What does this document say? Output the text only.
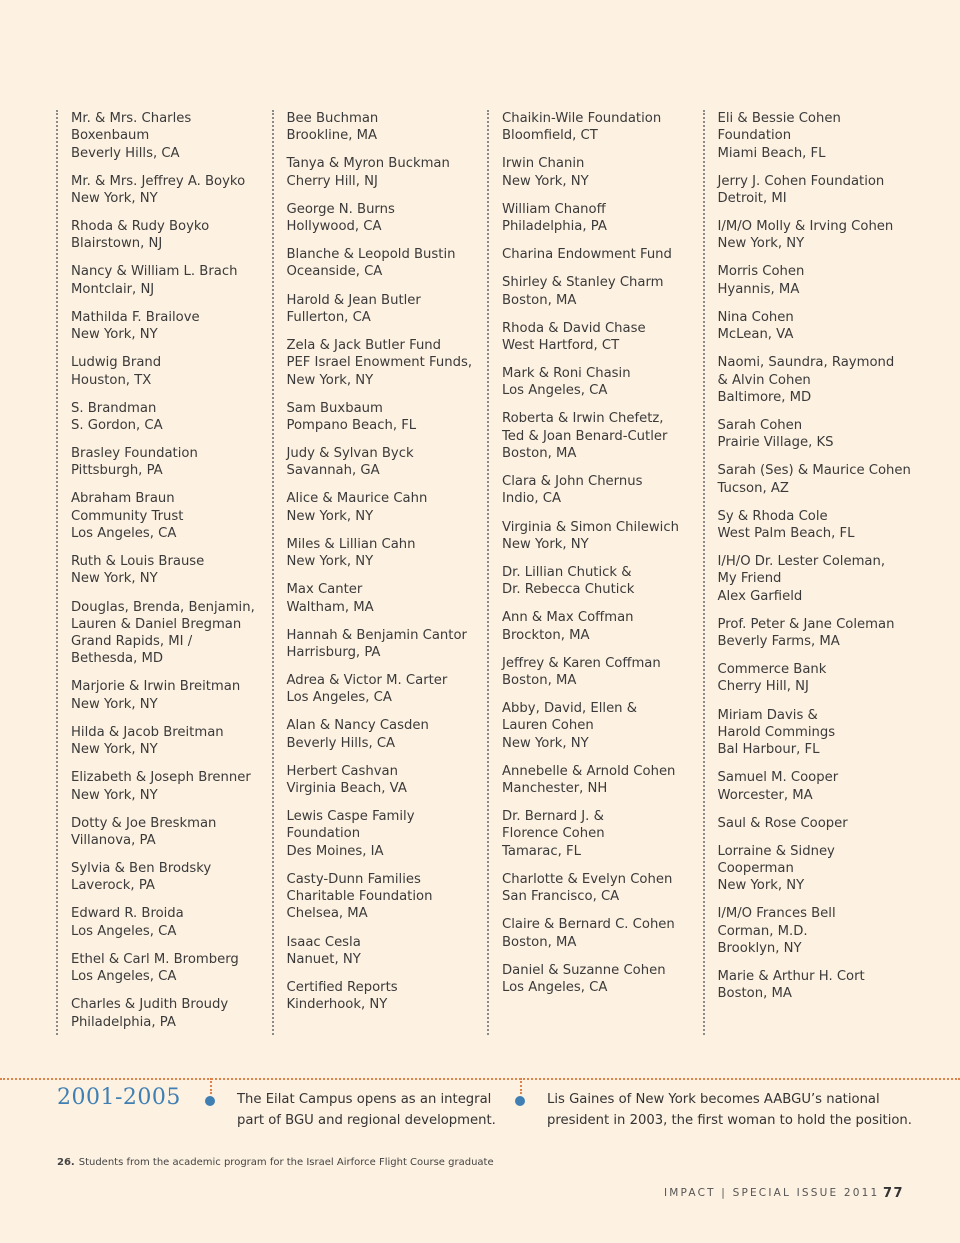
Mr. & Mrs. Charles
Boxenbaum
Beverly Hills, CA
Mr. & Mrs. Jeffrey A. Boyko
New York, NY
Rhoda & Rudy Boyko
Blairstown, NJ
Nancy & William L. Brach
Montclair, NJ
Mathilda F. Brailove
New York, NY
Ludwig Brand
Houston, TX
S. Brandman
S. Gordon, CA
Brasley Foundation
Pittsburgh, PA
Abraham Braun
Community Trust
Los Angeles, CA
Ruth & Louis Brause
New York, NY
Douglas, Brenda, Benjamin,
Lauren & Daniel Bregman
Grand Rapids, MI /
Bethesda, MD
Marjorie & Irwin Breitman
New York, NY
Hilda & Jacob Breitman
New York, NY
Elizabeth & Joseph Brenner
New York, NY
Dotty & Joe Breskman
Villanova, PA
Sylvia & Ben Brodsky
Laverock, PA
Edward R. Broida
Los Angeles, CA
Ethel & Carl M. Bromberg
Los Angeles, CA
Charles & Judith Broudy
Philadelphia, PA
Bee Buchman
Brookline, MA
Tanya & Myron Buckman
Cherry Hill, NJ
George N. Burns
Hollywood, CA
Blanche & Leopold Bustin
Oceanside, CA
Harold & Jean Butler
Fullerton, CA
Zela & Jack Butler Fund
PEF Israel Enowment Funds,
New York, NY
Sam Buxbaum
Pompano Beach, FL
Judy & Sylvan Byck
Savannah, GA
Alice & Maurice Cahn
New York, NY
Miles & Lillian Cahn
New York, NY
Max Canter
Waltham, MA
Hannah & Benjamin Cantor
Harrisburg, PA
Adrea & Victor M. Carter
Los Angeles, CA
Alan & Nancy Casden
Beverly Hills, CA
Herbert Cashvan
Virginia Beach, VA
Lewis Caspe Family
Foundation
Des Moines, IA
Casty-Dunn Families
Charitable Foundation
Chelsea, MA
Isaac Cesla
Nanuet, NY
Certified Reports
Kinderhook, NY
Chaikin-Wile Foundation
Bloomfield, CT
Irwin Chanin
New York, NY
William Chanoff
Philadelphia, PA
Charina Endowment Fund
Shirley & Stanley Charm
Boston, MA
Rhoda & David Chase
West Hartford, CT
Mark & Roni Chasin
Los Angeles, CA
Roberta & Irwin Chefetz,
Ted & Joan Benard-Cutler
Boston, MA
Clara & John Chernus
Indio, CA
Virginia & Simon Chilewich
New York, NY
Dr. Lillian Chutick &
Dr. Rebecca Chutick
Ann & Max Coffman
Brockton, MA
Jeffrey & Karen Coffman
Boston, MA
Abby, David, Ellen &
Lauren Cohen
New York, NY
Annebelle & Arnold Cohen
Manchester, NH
Dr. Bernard J. &
Florence Cohen
Tamarac, FL
Charlotte & Evelyn Cohen
San Francisco, CA
Claire & Bernard C. Cohen
Boston, MA
Daniel & Suzanne Cohen
Los Angeles, CA
Eli & Bessie Cohen
Foundation
Miami Beach, FL
Jerry J. Cohen Foundation
Detroit, MI
I/M/O Molly & Irving Cohen
New York, NY
Morris Cohen
Hyannis, MA
Nina Cohen
McLean, VA
Naomi, Saundra, Raymond
& Alvin Cohen
Baltimore, MD
Sarah Cohen
Prairie Village, KS
Sarah (Ses) & Maurice Cohen
Tucson, AZ
Sy & Rhoda Cole
West Palm Beach, FL
I/H/O Dr. Lester Coleman,
My Friend
Alex Garfield
Prof. Peter & Jane Coleman
Beverly Farms, MA
Commerce Bank
Cherry Hill, NJ
Miriam Davis &
Harold Commings
Bal Harbour, FL
Samuel M. Cooper
Worcester, MA
Saul & Rose Cooper
Lorraine & Sidney
Cooperman
New York, NY
I/M/O Frances Bell
Corman, M.D.
Brooklyn, NY
Marie & Arthur H. Cort
Boston, MA
2001-2005	The Eilat Campus opens as an integral
part of BGU and regional development.
Lis Gaines of New York becomes AABGU’s national
president in 2003, the first woman to hold the position.
26. Students from the academic program for the Israel Airforce Flight Course graduate
IMPACT | SPECIAL ISSUE 2011 77
